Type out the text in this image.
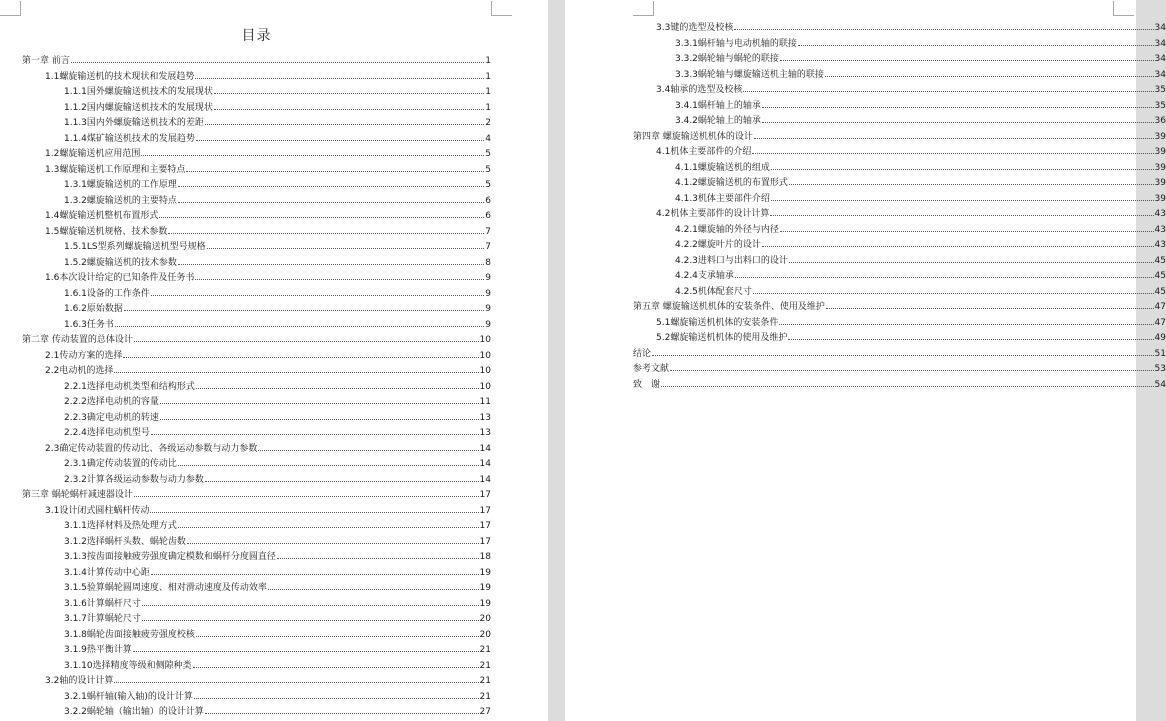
目录
第一章 前言	1
1.1螺旋输送机的技术现状和发展趋势	1
1.1.1国外螺旋输送机技术的发展现状	1
1.1.2国内螺旋输送机技术的发展现状	1
1.1.3国内外螺旋输送机技术的差距	2
1.1.4煤矿输送机技术的发展趋势	4
1.2螺旋输送机应用范围	5
1.3螺旋输送机工作原理和主要特点	5
1.3.1螺旋输送机的工作原理	5
1.3.2螺旋输送机的主要特点	6
1.4螺旋输送机整机布置形式	6
1.5螺旋输送机规格、技术参数	7
1.5.1LS型系列螺旋输送机型号规格	7
1.5.2螺旋输送机的技术参数	8
1.6本次设计给定的已知条件及任务书	9
1.6.1设备的工作条件	9
1.6.2原始数据	9
1.6.3任务书	9
第二章 传动装置的总体设计	10
2.1传动方案的选择	10
2.2电动机的选择	10
2.2.1选择电动机类型和结构形式	10
2.2.2选择电动机的容量	11
2.2.3确定电动机的转速	13
2.2.4选择电动机型号	13
2.3确定传动装置的传动比、各级运动参数与动力参数	14
2.3.1确定传动装置的传动比	14
2.3.2计算各级运动参数与动力参数	14
第三章 蜗轮蜗杆减速器设计	17
3.1设计闭式圆柱蜗杆传动	17
3.1.1选择材料及热处理方式	17
3.1.2选择蜗杆头数、蜗轮齿数	17
3.1.3按齿面接触疲劳强度确定模数和蜗杆分度圆直径	18
3.1.4计算传动中心距	19
3.1.5验算蜗轮圆周速度、相对滑动速度及传动效率	19
3.1.6计算蜗杆尺寸	19
3.1.7计算蜗轮尺寸	20
3.1.8蜗轮齿面接触疲劳强度校核	20
3.1.9热平衡计算	21
3.1.10选择精度等级和侧隙种类	21
3.2轴的设计计算	21
3.2.1蜗杆轴(输入轴)的设计计算	21
3.2.2蜗轮轴（输出轴）的设计计算	27
3.3键的选型及校核	34
3.3.1蜗杆轴与电动机轴的联接	34
3.3.2蜗轮轴与蜗轮的联接	34
3.3.3蜗轮轴与螺旋输送机主轴的联接	34
3.4轴承的选型及校核	35
3.4.1蜗杆轴上的轴承	35
3.4.2蜗轮轴上的轴承	36
第四章 螺旋输送机机体的设计	39
4.1机体主要部件的介绍	39
4.1.1螺旋输送机的组成	39
4.1.2螺旋输送机的布置形式	39
4.1.3机体主要部件介绍	39
4.2机体主要部件的设计计算	43
4.2.1螺旋轴的外径与内径	43
4.2.2螺旋叶片的设计	43
4.2.3进料口与出料口的设计	45
4.2.4支承轴承	45
4.2.5机体配套尺寸	45
第五章 螺旋输送机机体的安装条件、使用及维护	47
5.1螺旋输送机机体的安装条件	47
5.2螺旋输送机机体的使用及维护	49
结论	51
参考文献	53
致　谢	54
